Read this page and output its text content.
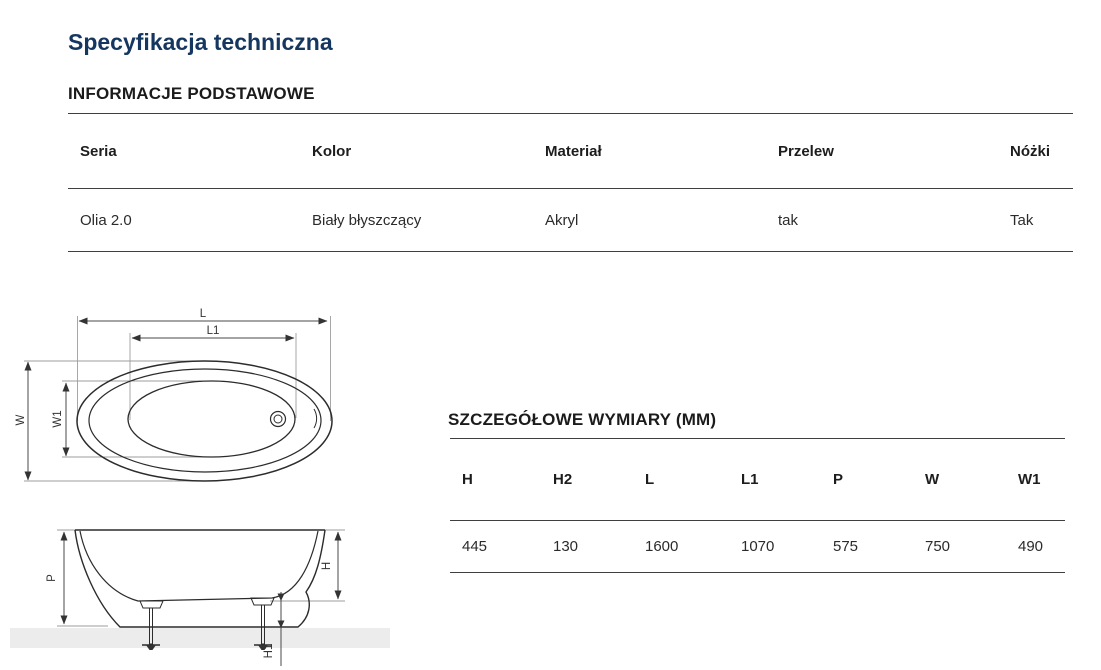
Specyfikacja techniczna
INFORMACJE PODSTAWOWE
Seria	Kolor	Materiał	Przelew	Nóżki
Olia 2.0	Biały błyszczący	Akryl	tak	Tak
SZCZEGÓŁOWE WYMIARY (MM)
H	H2	L	L1	P	W	W1
445	130	1600	1070	575	750	490
L
L1
W W1
P
H
H1
